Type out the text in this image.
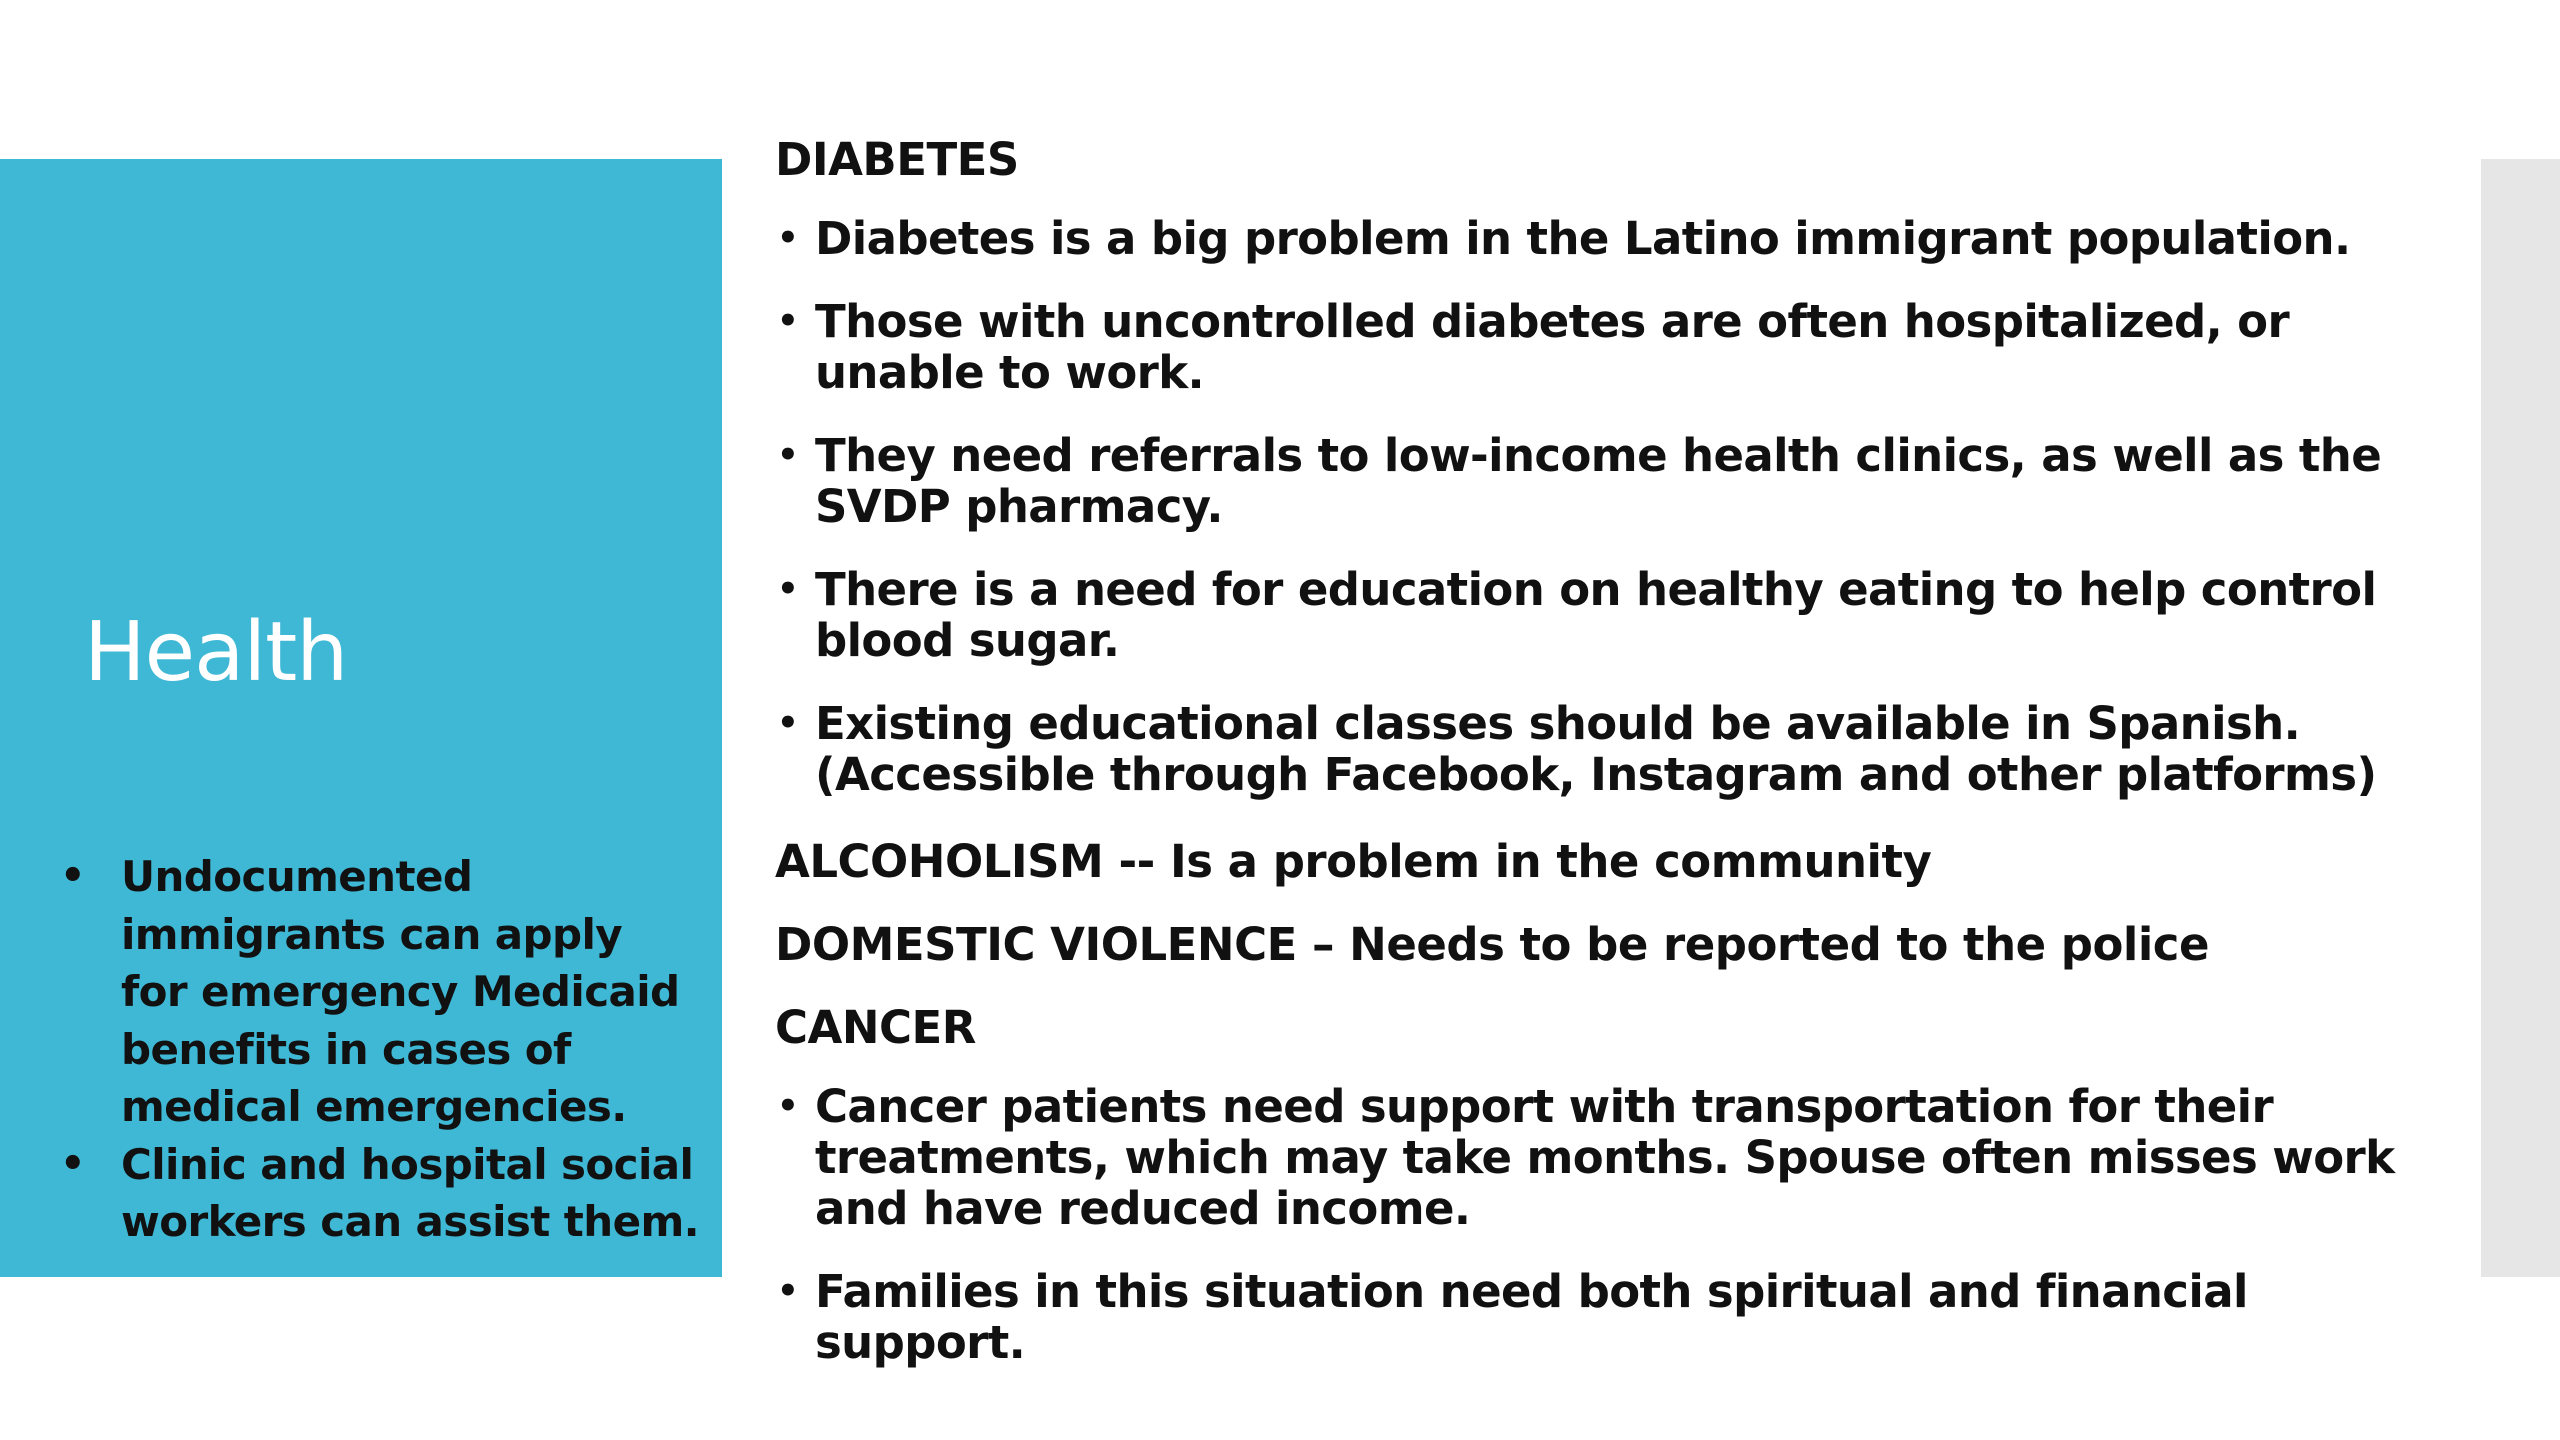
Health
• Undocumented immigrants can apply for emergency Medicaid benefits in cases of medical emergencies.
• Clinic and hospital social workers can assist them.

DIABETES

• Diabetes is a big problem in the Latino immigrant population.
• Those with uncontrolled diabetes are often hospitalized, or unable to work.
• They need referrals to low-income health clinics, as well as the SVDP pharmacy.
• There is a need for education on healthy eating to help control blood sugar.
• Existing educational classes should be available in Spanish. (Accessible through Facebook, Instagram and other platforms)

ALCOHOLISM -- Is a problem in the community

DOMESTIC VIOLENCE – Needs to be reported to the police

CANCER

• Cancer patients need support with transportation for their treatments, which may take months. Spouse often misses work and have reduced income.
• Families in this situation need both spiritual and financial support.
